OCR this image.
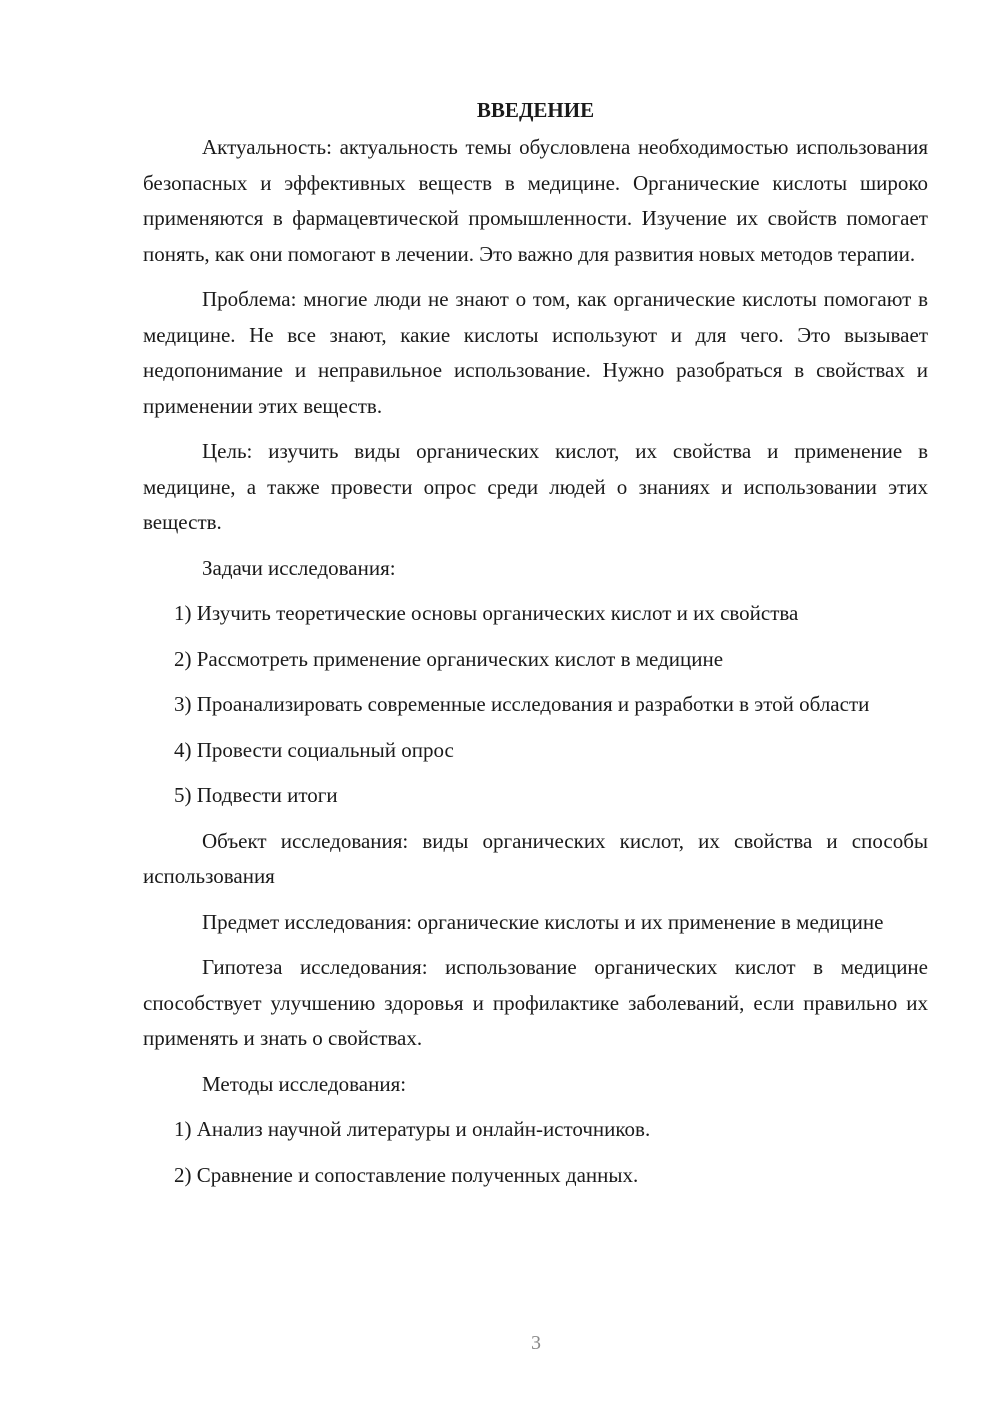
ВВЕДЕНИЕ

Актуальность: актуальность темы обусловлена необходимостью использования безопасных и эффективных веществ в медицине. Органические кислоты широко применяются в фармацевтической промышленности. Изучение их свойств помогает понять, как они помогают в лечении. Это важно для развития новых методов терапии.

Проблема: многие люди не знают о том, как органические кислоты помогают в медицине. Не все знают, какие кислоты используют и для чего. Это вызывает недопонимание и неправильное использование. Нужно разобраться в свойствах и применении этих веществ.

Цель: изучить виды органических кислот, их свойства и применение в медицине, а также провести опрос среди людей о знаниях и использовании этих веществ.

Задачи исследования:

1) Изучить теоретические основы органических кислот и их свойства

2) Рассмотреть применение органических кислот в медицине

3) Проанализировать современные исследования и разработки в этой области

4) Провести социальный опрос

5) Подвести итоги

Объект исследования: виды органических кислот, их свойства и способы использования

Предмет исследования: органические кислоты и их применение в медицине

Гипотеза исследования: использование органических кислот в медицине способствует улучшению здоровья и профилактике заболеваний, если правильно их применять и знать о свойствах.

Методы исследования:

1) Анализ научной литературы и онлайн-источников.

2) Сравнение и сопоставление полученных данных.

3
